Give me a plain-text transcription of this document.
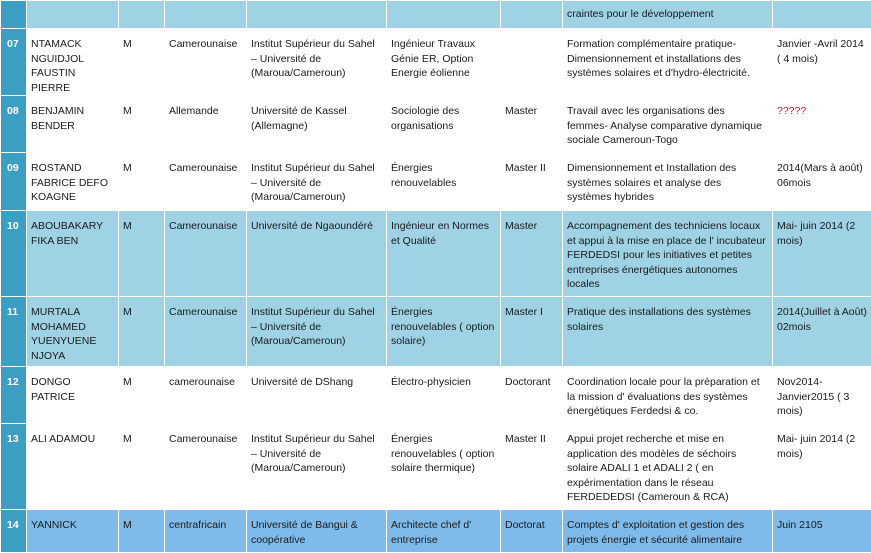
							craintes pour le développement	
07	NTAMACK NGUIDJOL FAUSTIN PIERRE	M	Camerounaise	Institut Supérieur du Sahel – Université de (Maroua/Cameroun)	Ingénieur Travaux Génie ER, Option Energie éolienne		Formation complémentaire pratique- Dimensionnement et installations des systèmes solaires et d'hydro-électricité.	Janvier -Avril 2014 ( 4 mois)
08	BENJAMIN BENDER	M	Allemande	Université de Kassel (Allemagne)	Sociologie des organisations	Master	Travail avec les organisations des femmes- Analyse comparative dynamique sociale Cameroun-Togo	?????
09	ROSTAND FABRICE DEFO KOAGNE	M	Camerounaise	Institut Supérieur du Sahel – Université de (Maroua/Cameroun)	Énergies renouvelables	Master II	Dimensionnement et Installation des systèmes solaires et analyse des systèmes hybrides	2014(Mars à août) 06mois
10	ABOUBAKARY FIKA BEN	M	Camerounaise	Université de Ngaoundéré	Ingénieur en Normes et Qualité	Master	Accompagnement des techniciens locaux et appui à la mise en place de l' incubateur FERDEDSI pour les initiatives et petites entreprises énergétiques autonomes locales	Mai- juin 2014 (2 mois)
11	MURTALA MOHAMED YUENYUENE NJOYA	M	Camerounaise	Institut Supérieur du Sahel – Université de (Maroua/Cameroun)	Énergies renouvelables ( option solaire)	Master I	Pratique des installations des systèmes solaires	2014(Juillet à Août) 02mois
12	DONGO PATRICE	M	camerounaise	Université de DShang	Électro-physicien	Doctorant	Coordination locale pour la préparation et la mission d' évaluations des systèmes énergétiques Ferdedsi & co.	Nov2014- Janvier2015 ( 3 mois)
13	ALI ADAMOU	M	Camerounaise	Institut Supérieur du Sahel – Université de (Maroua/Cameroun)	Énergies renouvelables ( option solaire thermique)	Master II	Appui projet recherche et mise en application des modèles de séchoirs solaire ADALI 1 et ADALI 2 ( en expérimentation dans le réseau FERDEDEDSI (Cameroun & RCA)	Mai- juin 2014 (2 mois)
14	YANNICK	M	centrafricain	Université de Bangui & coopérative	Architecte chef d' entreprise	Doctorat	Comptes d' exploitation et gestion des projets énergie et sécurité alimentaire	Juin 2105
